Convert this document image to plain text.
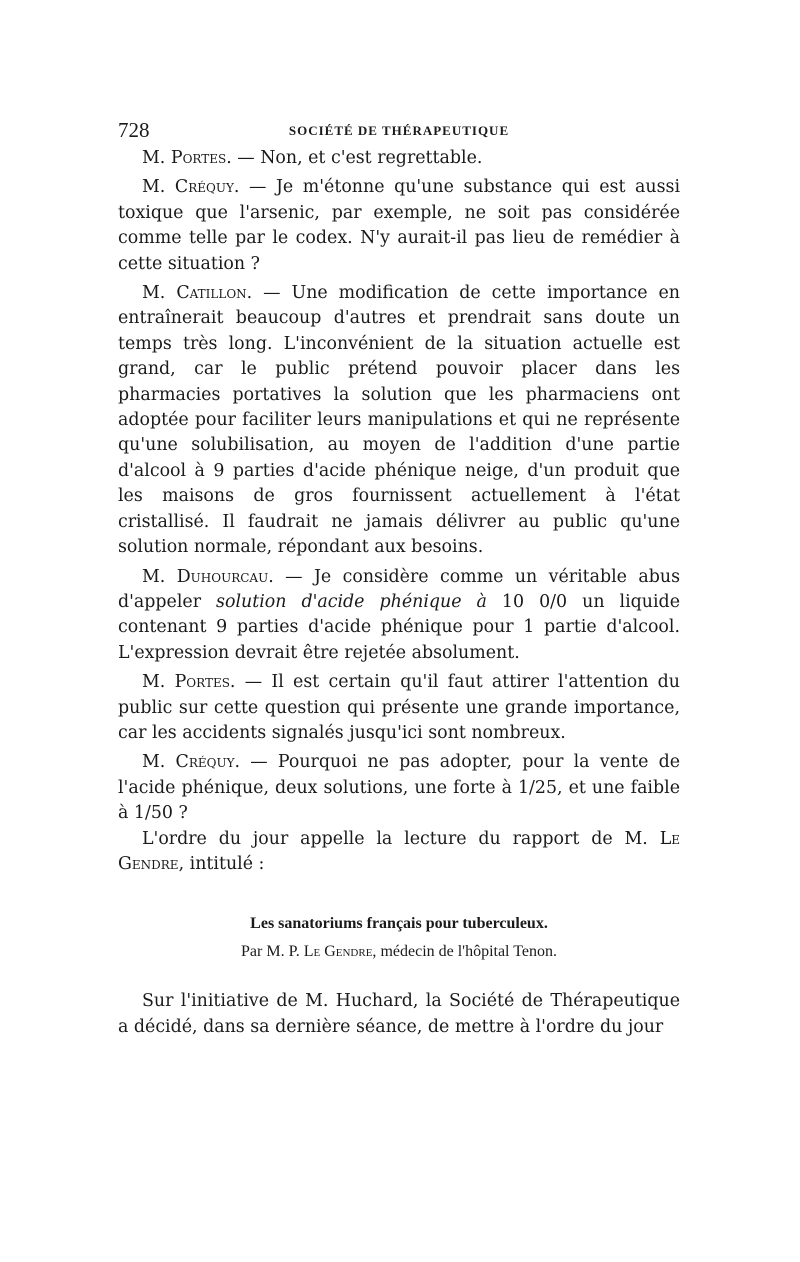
728	SOCIÉTÉ DE THÉRAPEUTIQUE

M. Portes. — Non, et c'est regrettable.

M. Créquy. — Je m'étonne qu'une substance qui est aussi toxique que l'arsenic, par exemple, ne soit pas considérée comme telle par le codex. N'y aurait-il pas lieu de remédier à cette situation ?

M. Catillon. — Une modification de cette importance en entraînerait beaucoup d'autres et prendrait sans doute un temps très long. L'inconvénient de la situation actuelle est grand, car le public prétend pouvoir placer dans les pharmacies portatives la solution que les pharmaciens ont adoptée pour faciliter leurs manipulations et qui ne représente qu'une solubilisation, au moyen de l'addition d'une partie d'alcool à 9 parties d'acide phénique neige, d'un produit que les maisons de gros fournissent actuellement à l'état cristallisé. Il faudrait ne jamais délivrer au public qu'une solution normale, répondant aux besoins.

M. Duhourcau. — Je considère comme un véritable abus d'appeler solution d'acide phénique à 10 0/0 un liquide contenant 9 parties d'acide phénique pour 1 partie d'alcool. L'expression devrait être rejetée absolument.

M. Portes. — Il est certain qu'il faut attirer l'attention du public sur cette question qui présente une grande importance, car les accidents signalés jusqu'ici sont nombreux.

M. Créquy. — Pourquoi ne pas adopter, pour la vente de l'acide phénique, deux solutions, une forte à 1/25, et une faible à 1/50 ?

L'ordre du jour appelle la lecture du rapport de M. Le Gendre, intitulé :

Les sanatoriums français pour tuberculeux.
Par M. P. Le Gendre, médecin de l'hôpital Tenon.

Sur l'initiative de M. Huchard, la Société de Thérapeutique a décidé, dans sa dernière séance, de mettre à l'ordre du jour
